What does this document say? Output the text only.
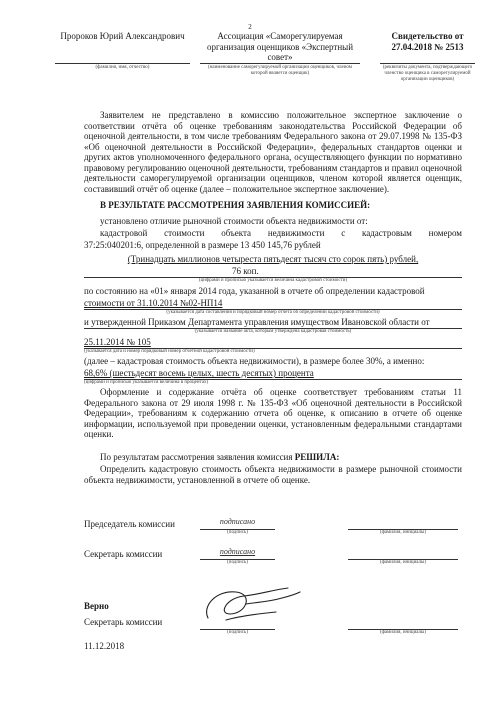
2
Пророков Юрий Александрович
(фамилия, имя, отчество)
Ассоциация «Саморегулируемая организация оценщиков «Экспертный совет»
(наименование саморегулируемой организации оценщиков, членом которой является оценщик)
Свидетельство от 27.04.2018 № 2513
(реквизиты документа, подтверждающего членство оценщика в саморегулируемой организации оценщиков)
Заявителем не представлено в комиссию положительное экспертное заключение о соответствии отчёта об оценке требованиям законодательства Российской Федерации об оценочной деятельности, в том числе требованиям Федерального закона от 29.07.1998 № 135-ФЗ «Об оценочной деятельности в Российской Федерации», федеральных стандартов оценки и других актов уполномоченного федерального органа, осуществляющего функции по нормативно правовому регулированию оценочной деятельности, требованиям стандартов и правил оценочной деятельности саморегулируемой организации оценщиков, членом которой является оценщик, составивший отчёт об оценке (далее – положительное экспертное заключение).
В РЕЗУЛЬТАТЕ РАССМОТРЕНИЯ ЗАЯВЛЕНИЯ КОМИССИЕЙ:
установлено отличие рыночной стоимости объекта недвижимости от:
кадастровой стоимости объекта недвижимости с кадастровым номером
37:25:040201:6, определенной в размере 13 450 145,76 рублей
(Тринадцать миллионов четыреста пятьдесят тысяч сто сорок пять) рублей,
76 коп.
(цифрами и прописью указывается величина кадастровой стоимости)
по состоянию на «01» января 2014 года, указанной в отчете об определении кадастровой
стоимости от 31.10.2014 №02-НП14
(указывается дата составления и порядковый номер отчета об определении кадастровой стоимости)
и утвержденной Приказом Департамента управления имуществом Ивановской области от
(указывается название акта, которым утверждена кадастровая стоимость)
25.11.2014 № 105
(указывается дата и номер порядковый номер отчетной кадастровой стоимости)
(далее – кадастровая стоимость объекта недвижимости), в размере более 30%, а именно:
68,6% (шестьдесят восемь целых, шесть десятых) процента
(цифрами и прописью указывается величина в процентах)
Оформление и содержание отчёта об оценке соответствует требованиям статьи 11 Федерального закона от 29 июля 1998 г. № 135-ФЗ «Об оценочной деятельности в Российской Федерации», требованиям к содержанию отчета об оценке, к описанию в отчете об оценке информации, используемой при проведении оценки, установленным федеральными стандартами оценки.
По результатам рассмотрения заявления комиссия РЕШИЛА:
Определить кадастровую стоимость объекта недвижимости в размере рыночной стоимости объекта недвижимости, установленной в отчете об оценке.
Председатель комиссии	подписано
(подпись)	(фамилия, инициалы)
Секретарь комиссии	подписано
(подпись)	(фамилия, инициалы)
Верно
Секретарь комиссии
(подпись)	(фамилия, инициалы)
11.12.2018
